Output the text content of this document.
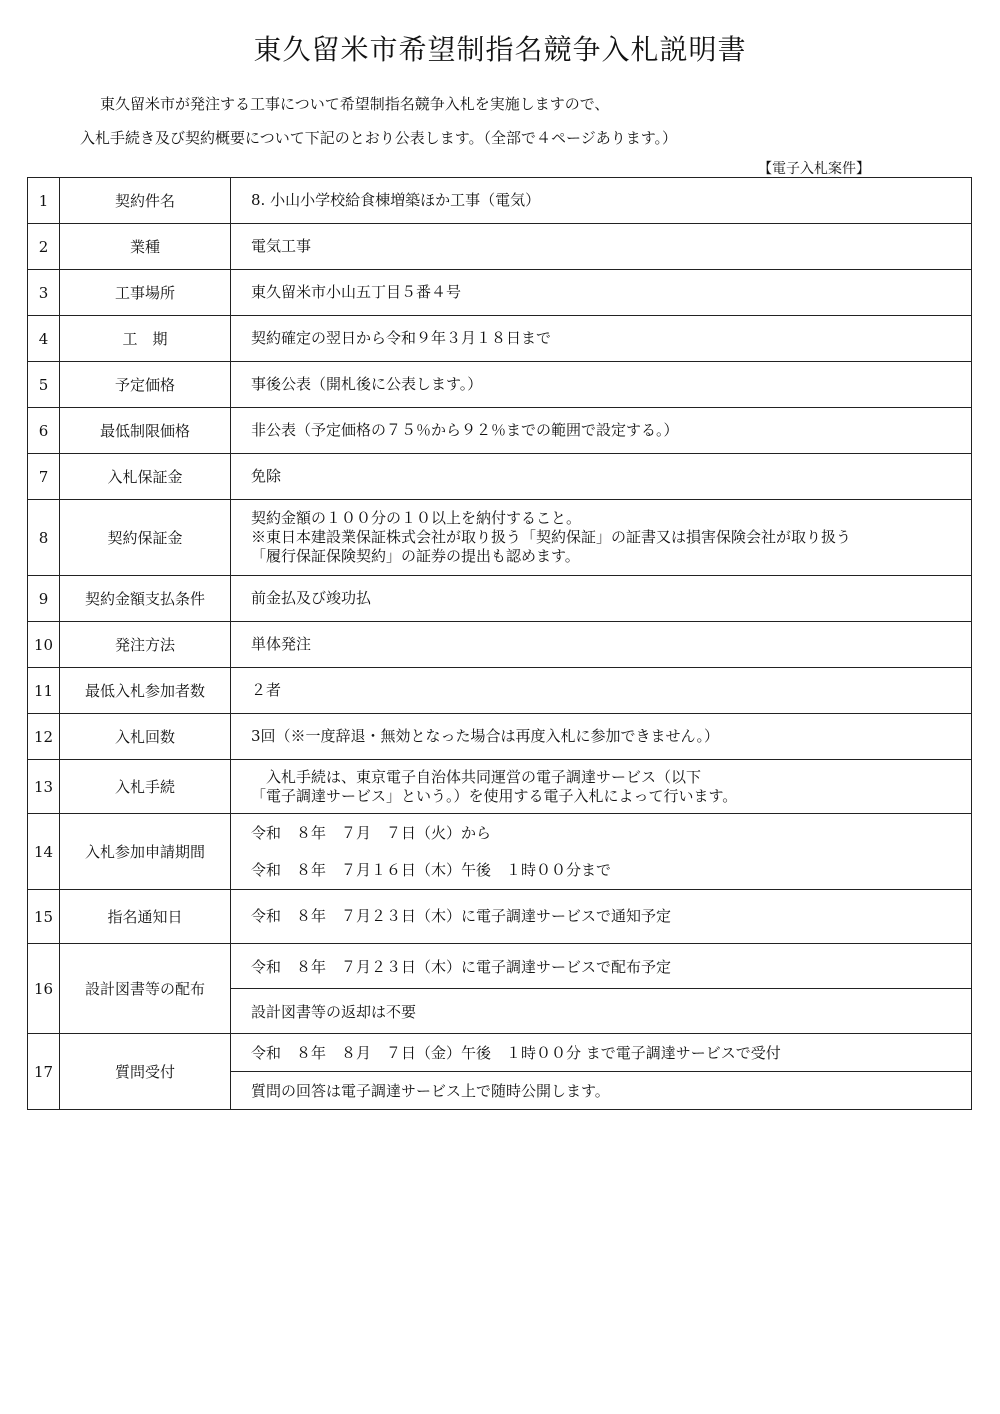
東久留米市希望制指名競争入札説明書
東久留米市が発注する工事について希望制指名競争入札を実施しますので、
入札手続き及び契約概要について下記のとおり公表します。（全部で４ページあります。）
【電子入札案件】
1	契約件名	8. 小山小学校給食棟増築ほか工事（電気）
2	業種	電気工事
3	工事場所	東久留米市小山五丁目５番４号
4	工　期	契約確定の翌日から令和９年３月１８日まで
5	予定価格	事後公表（開札後に公表します。）
6	最低制限価格	非公表（予定価格の７５％から９２％までの範囲で設定する。）
7	入札保証金	免除
8	契約保証金	契約金額の１００分の１０以上を納付すること。
※東日本建設業保証株式会社が取り扱う「契約保証」の証書又は損害保険会社が取り扱う
「履行保証保険契約」の証券の提出も認めます。

9	契約金額支払条件	前金払及び竣功払
10	発注方法	単体発注
11	最低入札参加者数	２者
12	入札回数	3回（※一度辞退・無効となった場合は再度入札に参加できません。）
13	入札手続	　入札手続は、東京電子自治体共同運営の電子調達サービス（以下
「電子調達サービス」という。）を使用する電子入札によって行います。

14	入札参加申請期間	令和　８年　７月　７日（火）から
令和　８年　７月１６日（木）午後　１時００分まで

15	指名通知日	令和　８年　７月２３日（木）に電子調達サービスで通知予定
16	設計図書等の配布	令和　８年　７月２３日（木）に電子調達サービスで配布予定
設計図書等の返却は不要

17	質問受付	令和　８年　８月　７日（金）午後　１時００分 まで電子調達サービスで受付
質問の回答は電子調達サービス上で随時公開します。
